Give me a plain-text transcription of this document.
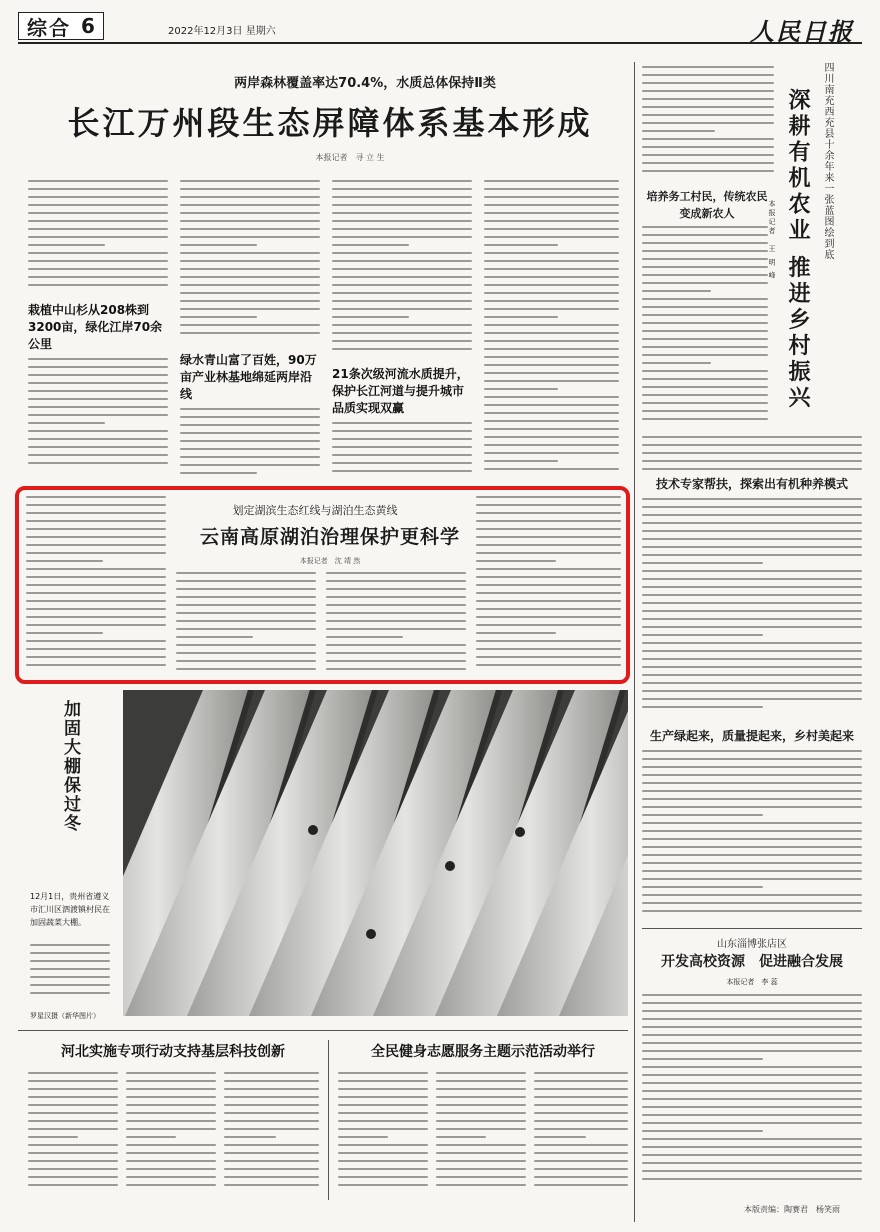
综合 6	2022年12月3日 星期六	人民日报
两岸森林覆盖率达70.4%，水质总体保持Ⅱ类
长江万州段生态屏障体系基本形成
本报记者　寻 立 生
栽植中山杉从208株到3200亩，绿化江岸70余公里
绿水青山富了百姓，90万亩产业林基地绵延两岸沿线
21条次级河流水质提升，保护长江河道与提升城市品质实现双赢
划定湖滨生态红线与湖泊生态黄线
云南高原湖泊治理保护更科学
本报记者　沈 靖 然
加固大棚保过冬
12月1日，贵州省遵义市汇川区泗渡镇村民在加固蔬菜大棚。
罗星汉摄（新华图片）
河北实施专项行动支持基层科技创新	全民健身志愿服务主题示范活动举行
四川南充西充县十余年来一张蓝图绘到底
深耕有机农业 推进乡村振兴
本报记者　王 明 峰
培养务工村民，传统农民变成新农人
技术专家帮扶，探索出有机种养模式
生产绿起来，质量提起来，乡村美起来
山东淄博张店区
开发高校资源　促进融合发展
本报记者　李 蕊
本版责编：陶赛君　杨笑雨
